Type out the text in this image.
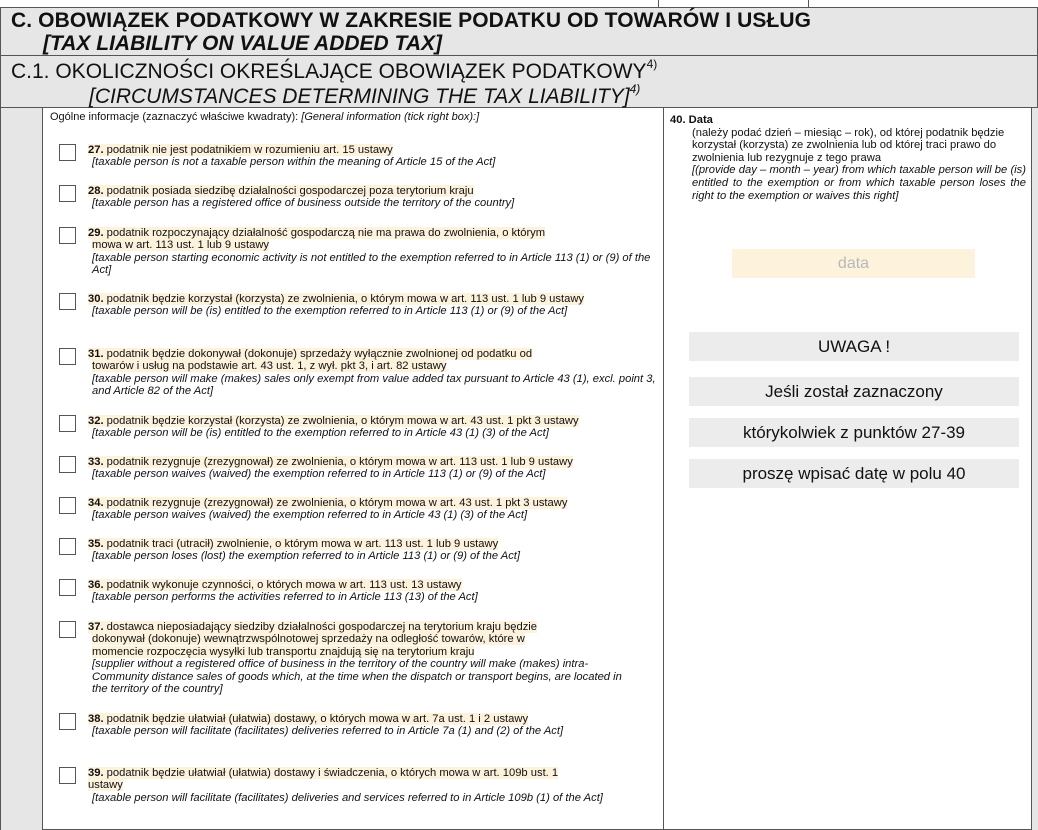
C. OBOWIĄZEK PODATKOWY W ZAKRESIE PODATKU OD TOWARÓW I USŁUG
[TAX LIABILITY ON VALUE ADDED TAX]
C.1. OKOLICZNOŚCI OKREŚLAJĄCE OBOWIĄZEK PODATKOWY$^{4)}$
[CIRCUMSTANCES DETERMINING THE TAX LIABILITY]$^{4)}$
Ogólne informacje (zaznaczyć właściwe kwadraty): [General information (tick right box):]
27. podatnik nie jest podatnikiem w rozumieniu art. 15 ustawy
[taxable person is not a taxable person within the meaning of Article 15 of the Act]
28. podatnik posiada siedzibę działalności gospodarczej poza terytorium kraju
[taxable person has a registered office of business outside the territory of the country]
29. podatnik rozpoczynający działalność gospodarczą nie ma prawa do zwolnienia, o którym
mowa w art. 113 ust. 1 lub 9 ustawy
[taxable person starting economic activity is not entitled to the exemption referred to in Article 113 (1) or (9) of the Act]
30. podatnik będzie korzystał (korzysta) ze zwolnienia, o którym mowa w art. 113 ust. 1 lub 9 ustawy
[taxable person will be (is) entitled to the exemption referred to in Article 113 (1) or (9) of the Act]
31. podatnik będzie dokonywał (dokonuje) sprzedaży wyłącznie zwolnionej od podatku od
towarów i usług na podstawie art. 43 ust. 1, z wył. pkt 3, i art. 82 ustawy
[taxable person will make (makes) sales only exempt from value added tax pursuant to Article 43 (1), excl. point 3, and Article 82 of the Act]
32. podatnik będzie korzystał (korzysta) ze zwolnienia, o którym mowa w art. 43 ust. 1 pkt 3 ustawy
[taxable person will be (is) entitled to the exemption referred to in Article 43 (1) (3) of the Act]
33. podatnik rezygnuje (zrezygnował) ze zwolnienia, o którym mowa w art. 113 ust. 1 lub 9 ustawy
[taxable person waives (waived) the exemption referred to in Article 113 (1) or (9) of the Act]
34. podatnik rezygnuje (zrezygnował) ze zwolnienia, o którym mowa w art. 43 ust. 1 pkt 3 ustawy
[taxable person waives (waived) the exemption referred to in Article 43 (1) (3) of the Act]
35. podatnik traci (utracił) zwolnienie, o którym mowa w art. 113 ust. 1 lub 9 ustawy
[taxable person loses (lost) the exemption referred to in Article 113 (1) or (9) of the Act]
36. podatnik wykonuje czynności, o których mowa w art. 113 ust. 13 ustawy
[taxable person performs the activities referred to in Article 113 (13) of the Act]
37. dostawca nieposiadający siedziby działalności gospodarczej na terytorium kraju będzie
dokonywał (dokonuje) wewnątrzwspólnotowej sprzedaży na odległość towarów, które w momencie rozpoczęcia wysyłki lub transportu znajdują się na terytorium kraju
[supplier without a registered office of business in the territory of the country will make (makes) intra-Community distance sales of goods which, at the time when the dispatch or transport begins, are located in the territory of the country]
38. podatnik będzie ułatwiał (ułatwia) dostawy, o których mowa w art. 7a ust. 1 i 2 ustawy
[taxable person will facilitate (facilitates) deliveries referred to in Article 7a (1) and (2) of the Act]
39. podatnik będzie ułatwiał (ułatwia) dostawy i świadczenia, o których mowa w art. 109b ust. 1
ustawy
[taxable person will facilitate (facilitates) deliveries and services referred to in Article 109b (1) of the Act]
40. Data
(należy podać dzień – miesiąc – rok), od której podatnik będzie korzystał (korzysta) ze zwolnienia lub od której traci prawo do zwolnienia lub rezygnuje z tego prawa
[(provide day – month – year) from which taxable person will be (is) entitled to the exemption or from which taxable person loses the right to the exemption or waives this right]
data
UWAGA !
Jeśli został zaznaczony
którykolwiek z punktów 27-39
proszę wpisać datę w polu 40
